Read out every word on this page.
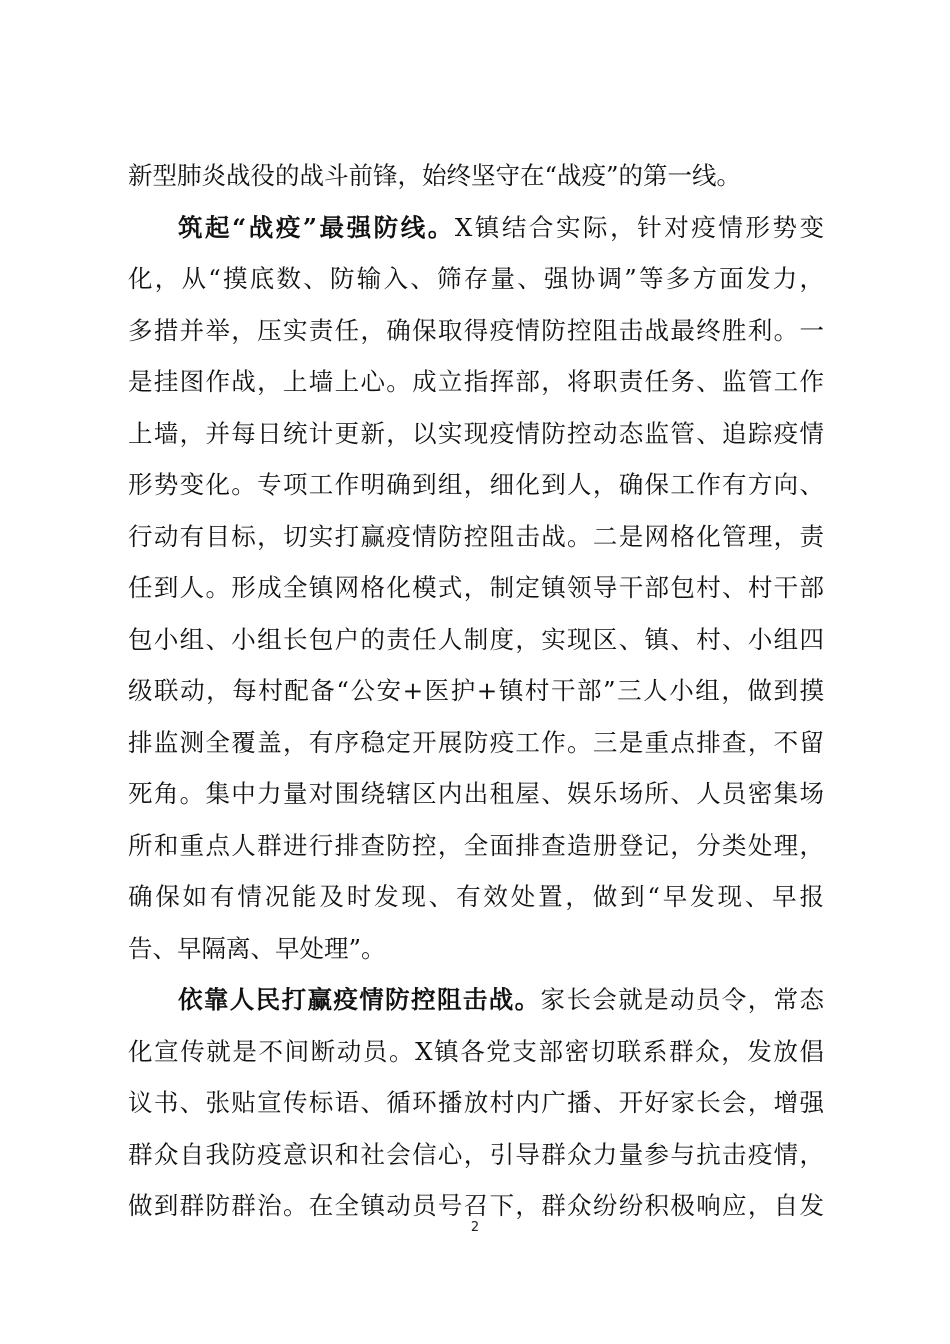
新型肺炎战役的战斗前锋，始终坚守在“战疫”的第一线。
筑起“战疫”最强防线。X镇结合实际，针对疫情形势变
化，从“摸底数、防输入、筛存量、强协调”等多方面发力，
多措并举，压实责任，确保取得疫情防控阻击战最终胜利。一
是挂图作战，上墙上心。成立指挥部，将职责任务、监管工作
上墙，并每日统计更新，以实现疫情防控动态监管、追踪疫情
形势变化。专项工作明确到组，细化到人，确保工作有方向、
行动有目标，切实打赢疫情防控阻击战。二是网格化管理，责
任到人。形成全镇网格化模式，制定镇领导干部包村、村干部
包小组、小组长包户的责任人制度，实现区、镇、村、小组四
级联动，每村配备“公安+医护+镇村干部”三人小组，做到摸
排监测全覆盖，有序稳定开展防疫工作。三是重点排查，不留
死角。集中力量对围绕辖区内出租屋、娱乐场所、人员密集场
所和重点人群进行排查防控，全面排查造册登记，分类处理，
确保如有情况能及时发现、有效处置，做到“早发现、早报
告、早隔离、早处理”。
依靠人民打赢疫情防控阻击战。家长会就是动员令，常态
化宣传就是不间断动员。X镇各党支部密切联系群众，发放倡
议书、张贴宣传标语、循环播放村内广播、开好家长会，增强
群众自我防疫意识和社会信心，引导群众力量参与抗击疫情，
做到群防群治。在全镇动员号召下，群众纷纷积极响应，自发
2
